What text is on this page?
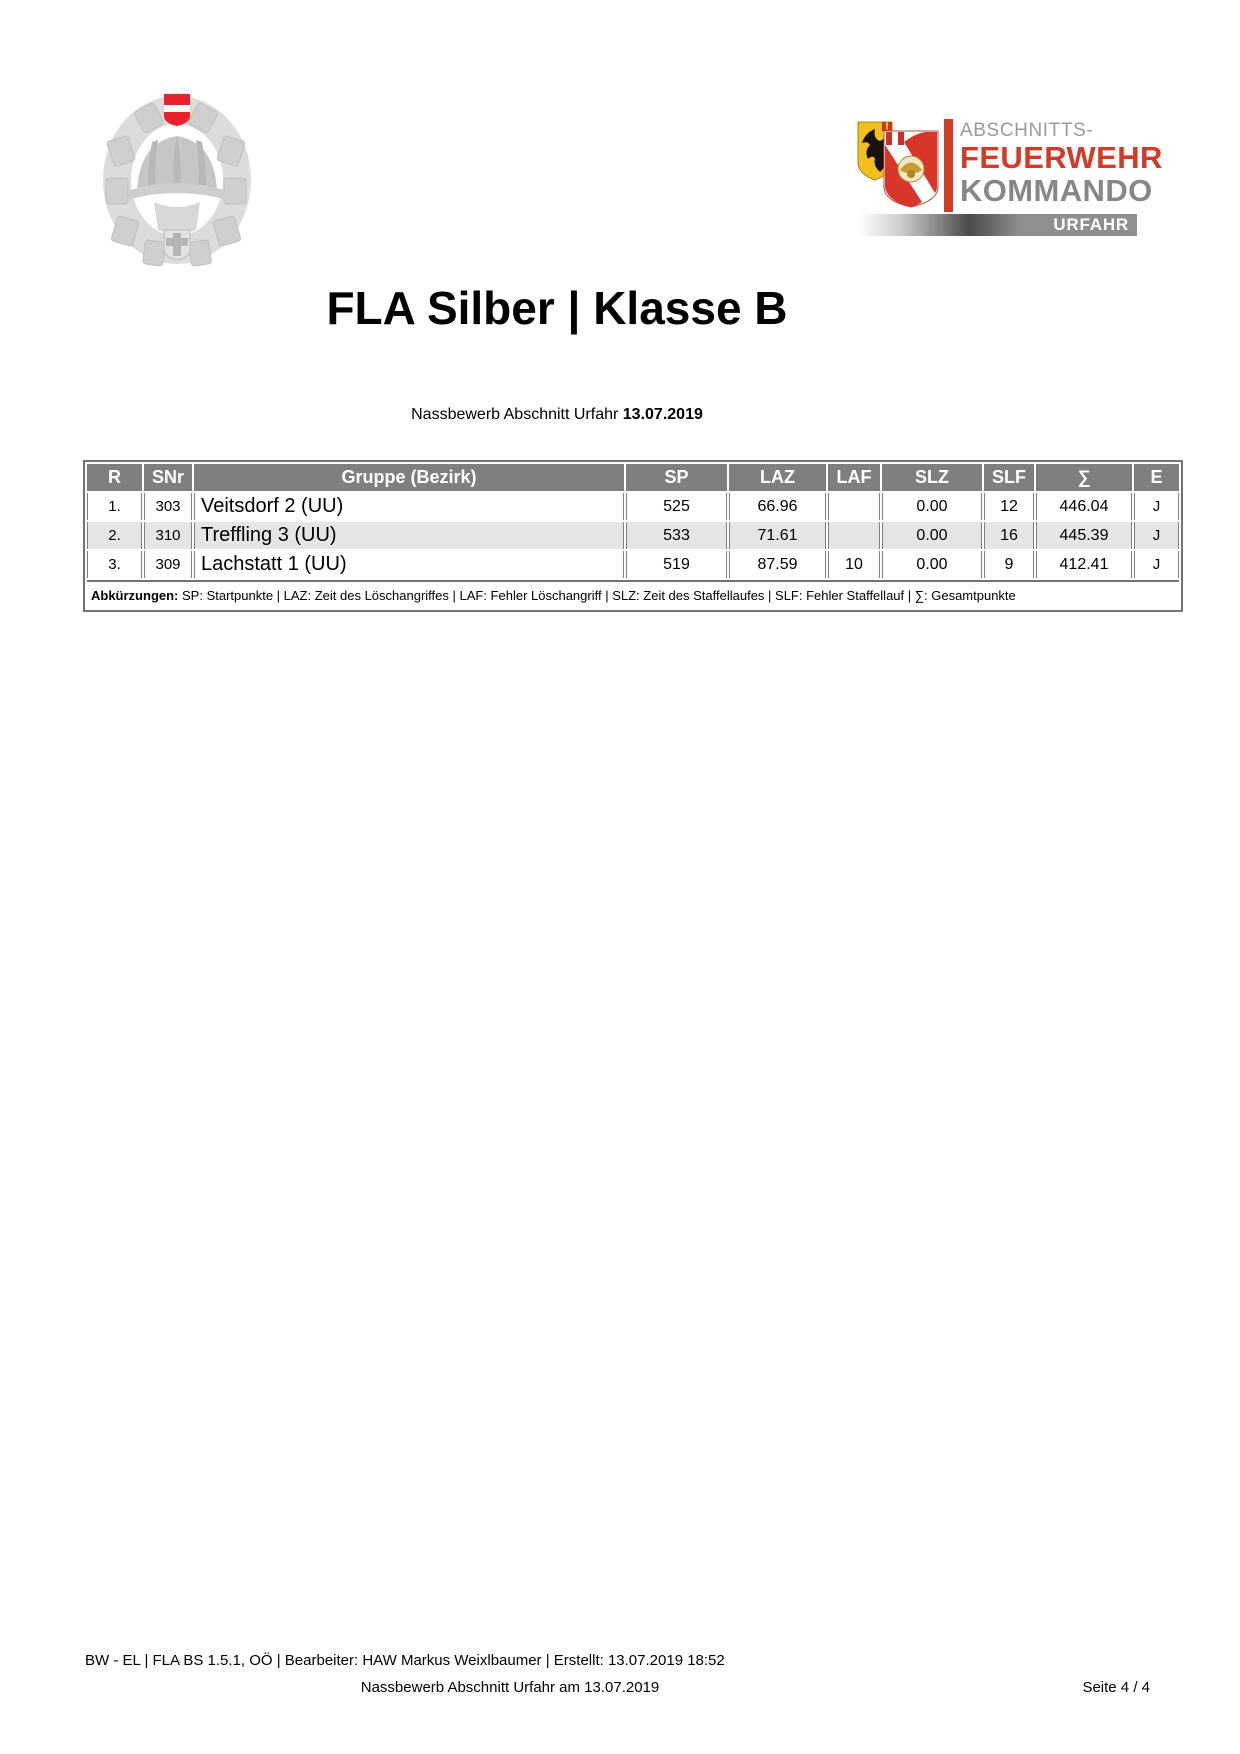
ABSCHNITTS-
FEUERWEHR
KOMMANDO
URFAHR
FLA Silber | Klasse B
Nassbewerb Abschnitt Urfahr 13.07.2019
R	SNr	Gruppe (Bezirk)	SP	LAZ	LAF	SLZ	SLF	∑	E
1.	303	Veitsdorf 2 (UU)	525	66.96		0.00	12	446.04	J
2.	310	Treffling 3 (UU)	533	71.61		0.00	16	445.39	J
3.	309	Lachstatt 1 (UU)	519	87.59	10	0.00	9	412.41	J
Abkürzungen: SP: Startpunkte | LAZ: Zeit des Löschangriffes | LAF: Fehler Löschangriff | SLZ: Zeit des Staffellaufes | SLF: Fehler Staffellauf | ∑: Gesamtpunkte									
BW - EL | FLA BS 1.5.1, OÖ | Bearbeiter: HAW Markus Weixlbaumer | Erstellt: 13.07.2019 18:52
Nassbewerb Abschnitt Urfahr am 13.07.2019	Seite 4 / 4
